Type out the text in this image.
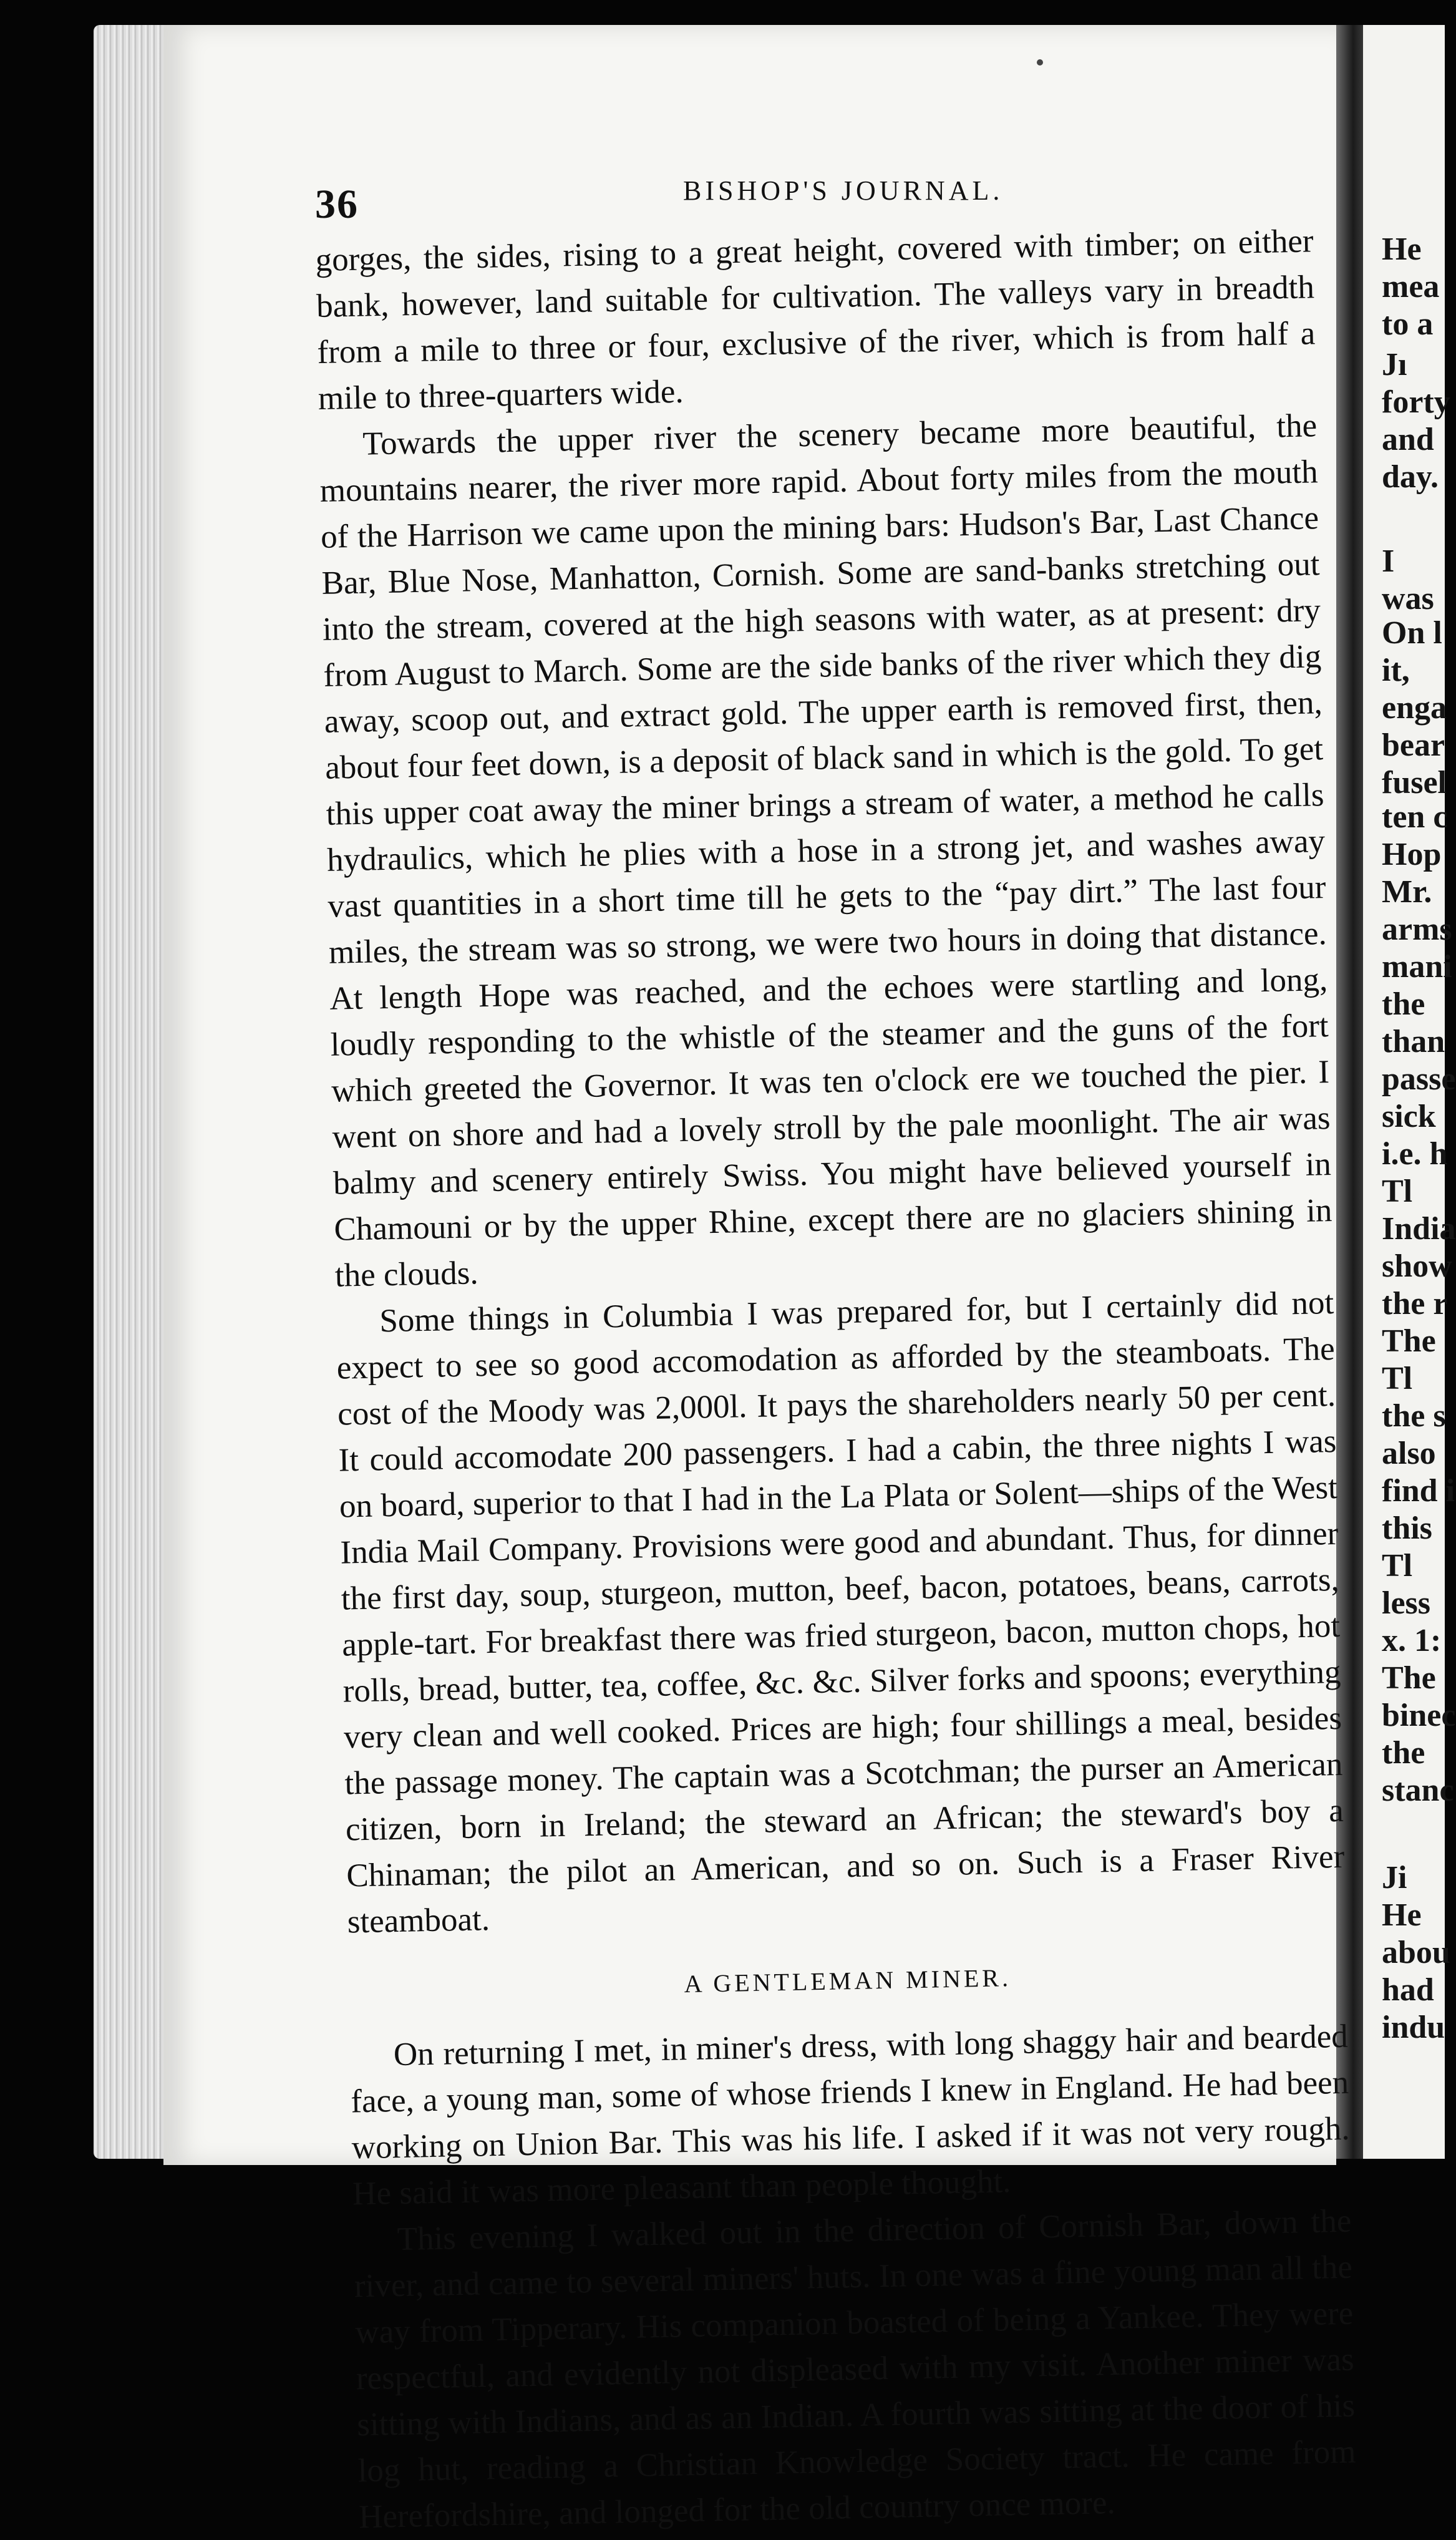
He
mea
to a
Jı
forty
and
day.
I
was
On l
it,
enga
bear
fusel
ten c
Hop
Mr.
arms
mani
the
than
passe
sick
i.e. h
Tl
India
show
the r
The
Tl
the s
also
find i
this
Tl
less
x. 1:
The
binec
the
stanc
Ji
He
abou
had
indu
36	BISHOP'S JOURNAL.

gorges, the sides, rising to a great height, covered with timber; on either bank, however, land suitable for cultivation. The valleys vary in breadth from a mile to three or four, exclusive of the river, which is from half a mile to three-quarters wide.

Towards the upper river the scenery became more beautiful, the mountains nearer, the river more rapid. About forty miles from the mouth of the Harrison we came upon the mining bars: Hudson's Bar, Last Chance Bar, Blue Nose, Manhatton, Cornish. Some are sand-banks stretching out into the stream, covered at the high seasons with water, as at present: dry from August to March. Some are the side banks of the river which they dig away, scoop out, and extract gold. The upper earth is removed first, then, about four feet down, is a deposit of black sand in which is the gold. To get this upper coat away the miner brings a stream of water, a method he calls hydraulics, which he plies with a hose in a strong jet, and washes away vast quantities in a short time till he gets to the “pay dirt.” The last four miles, the stream was so strong, we were two hours in doing that distance. At length Hope was reached, and the echoes were startling and long, loudly responding to the whistle of the steamer and the guns of the fort which greeted the Governor. It was ten o'clock ere we touched the pier. I went on shore and had a lovely stroll by the pale moonlight. The air was balmy and scenery entirely Swiss. You might have believed yourself in Chamouni or by the upper Rhine, except there are no glaciers shining in the clouds.

Some things in Columbia I was prepared for, but I certainly did not expect to see so good accomodation as afforded by the steamboats. The cost of the Moody was 2,000l. It pays the shareholders nearly 50 per cent. It could accomodate 200 passengers. I had a cabin, the three nights I was on board, superior to that I had in the La Plata or Solent—ships of the West India Mail Company. Provisions were good and abundant. Thus, for dinner the first day, soup, sturgeon, mutton, beef, bacon, potatoes, beans, carrots, apple-tart. For breakfast there was fried sturgeon, bacon, mutton chops, hot rolls, bread, butter, tea, coffee, &c. &c. Silver forks and spoons; everything very clean and well cooked. Prices are high; four shillings a meal, besides the passage money. The captain was a Scotchman; the purser an American citizen, born in Ireland; the steward an African; the steward's boy a Chinaman; the pilot an American, and so on. Such is a Fraser River steamboat.

A GENTLEMAN MINER.

On returning I met, in miner's dress, with long shaggy hair and bearded face, a young man, some of whose friends I knew in England. He had been working on Union Bar. This was his life. I asked if it was not very rough. He said it was more pleasant than people thought.

This evening I walked out in the direction of Cornish Bar, down the river, and came to several miners' huts. In one was a fine young man all the way from Tipperary. His companion boasted of being a Yankee. They were respectful, and evidently not displeased with my visit. Another miner was sitting with Indians, and as an Indian. A fourth was sitting at the door of his log hut, reading a Christian Knowledge Society tract. He came from Herefordshire, and longed for the old country once more.
